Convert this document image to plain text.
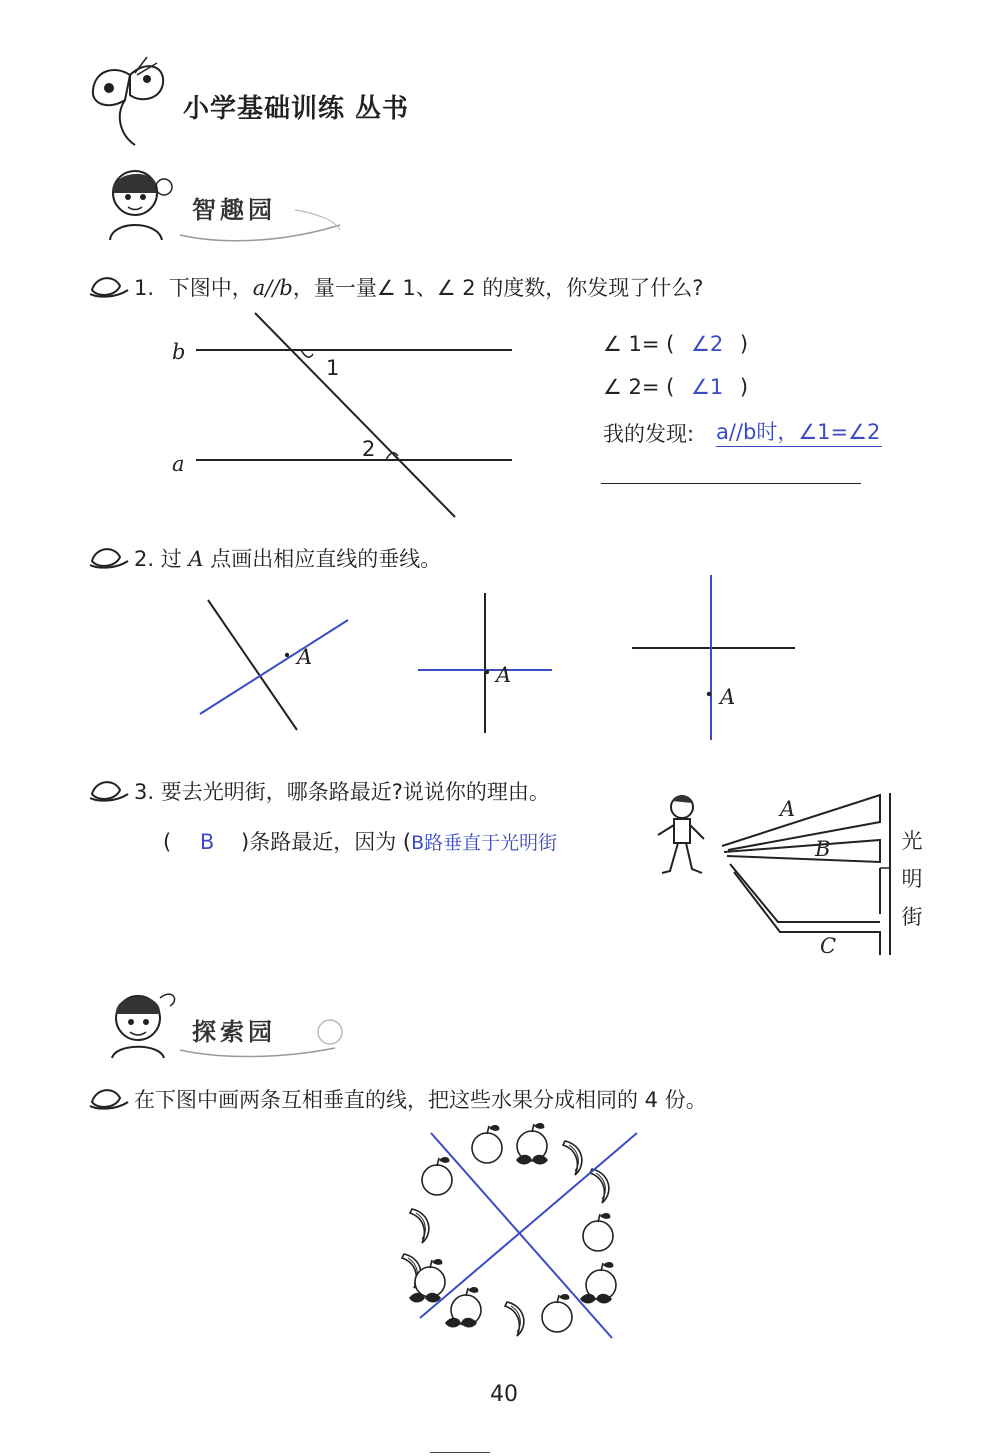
小学基础训练 丛书
智趣园
1. 下图中，a//b，量一量∠ 1、∠ 2 的度数，你发现了什么?
b
a
1
2
∠ 1= ( ∠2 )
∠ 2= ( ∠1 )
我的发现: a//b时，∠1=∠2
2. 过 A 点画出相应直线的垂线。
A
A
A
3. 要去光明街，哪条路最近?说说你的理由。
( B )条路最近，因为 (B路垂直于光明街
A
B
C
光
明
街
探索园
在下图中画两条互相垂直的线，把这些水果分成相同的 4 份。
40
